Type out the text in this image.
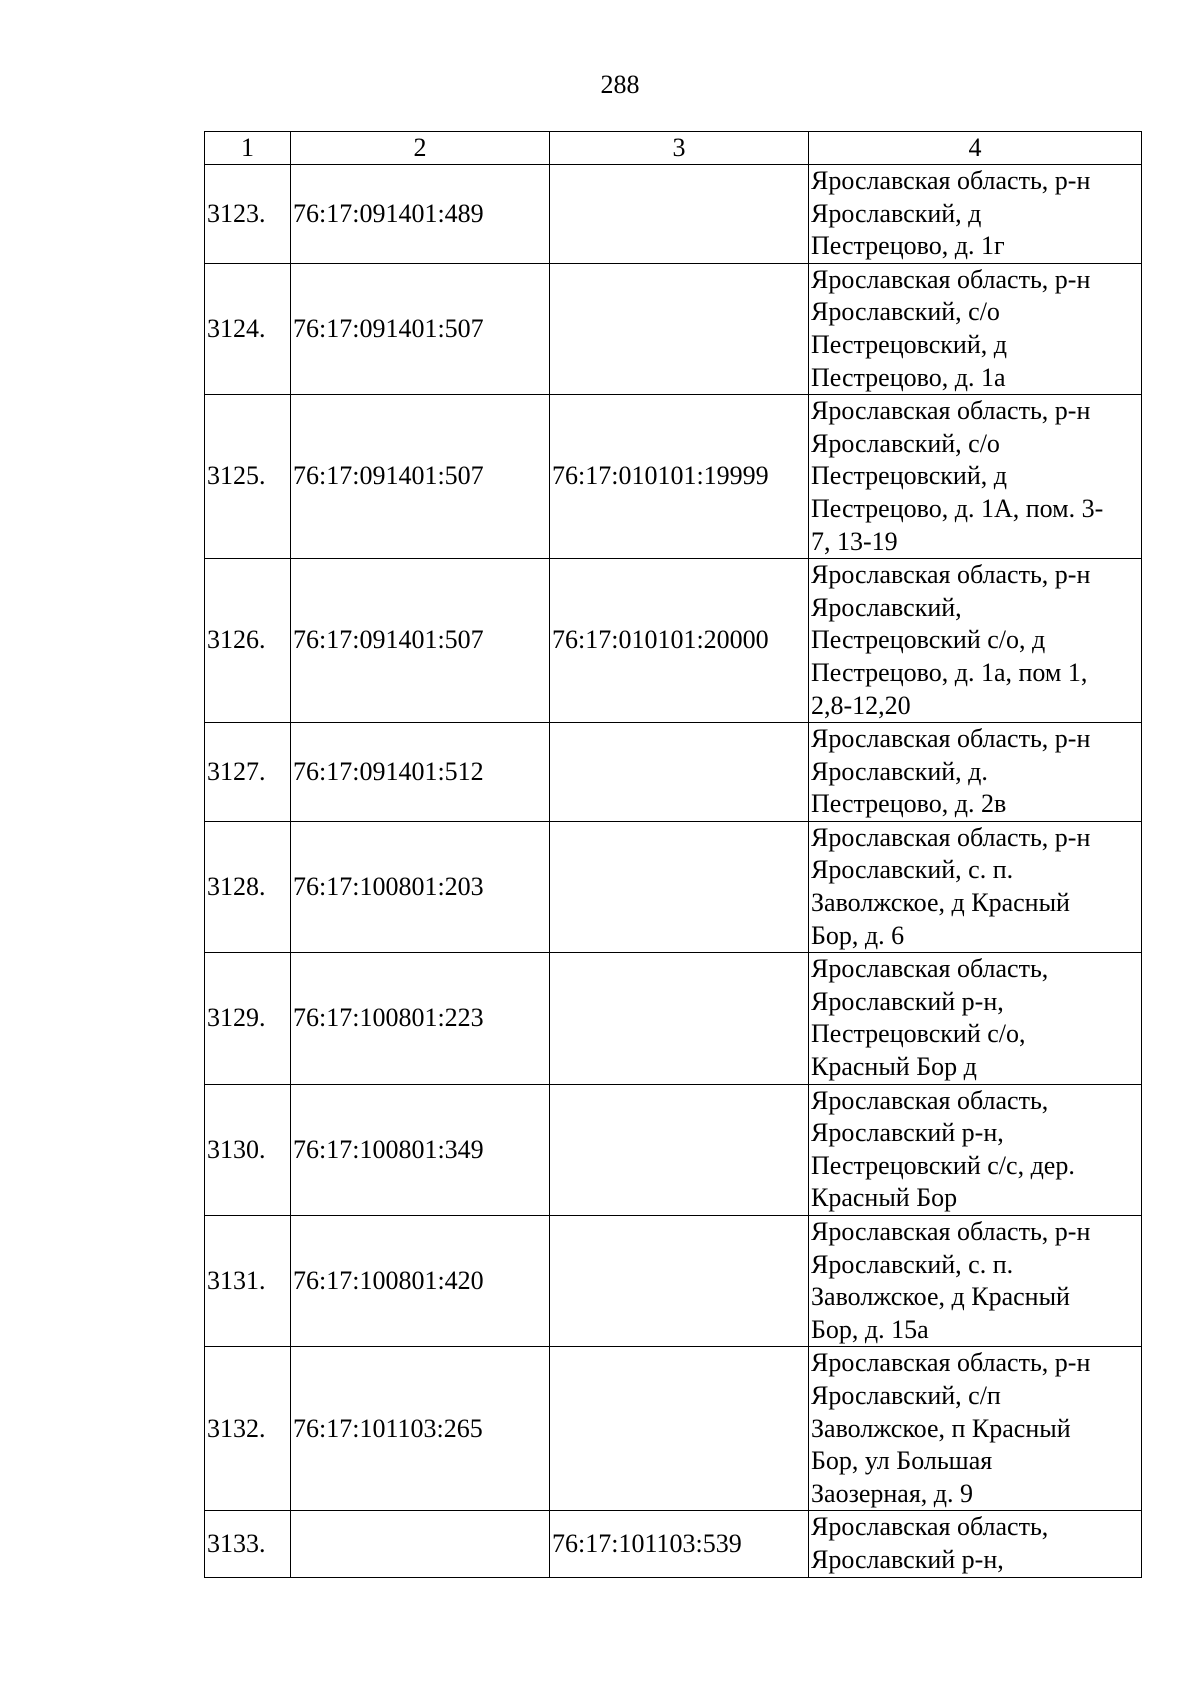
288
1	2	3	4
3123.	76:17:091401:489		Ярославская область, р-н
Ярославский, д
Пестрецово, д. 1г
3124.	76:17:091401:507		Ярославская область, р-н
Ярославский, с/о
Пестрецовский, д
Пестрецово, д. 1а
3125.	76:17:091401:507	76:17:010101:19999	Ярославская область, р-н
Ярославский, с/о
Пестрецовский, д
Пестрецово, д. 1А, пом. 3-
7, 13-19
3126.	76:17:091401:507	76:17:010101:20000	Ярославская область, р-н
Ярославский,
Пестрецовский с/о, д
Пестрецово, д. 1а, пом 1,
2,8-12,20
3127.	76:17:091401:512		Ярославская область, р-н
Ярославский, д.
Пестрецово, д. 2в
3128.	76:17:100801:203		Ярославская область, р-н
Ярославский, с. п.
Заволжское, д Красный
Бор, д. 6
3129.	76:17:100801:223		Ярославская область,
Ярославский р-н,
Пестрецовский с/о,
Красный Бор д
3130.	76:17:100801:349		Ярославская область,
Ярославский р-н,
Пестрецовский с/с, дер.
Красный Бор
3131.	76:17:100801:420		Ярославская область, р-н
Ярославский, с. п.
Заволжское, д Красный
Бор, д. 15а
3132.	76:17:101103:265		Ярославская область, р-н
Ярославский, с/п
Заволжское, п Красный
Бор, ул Большая
Заозерная, д. 9
3133.		76:17:101103:539	Ярославская область,
Ярославский р-н,
